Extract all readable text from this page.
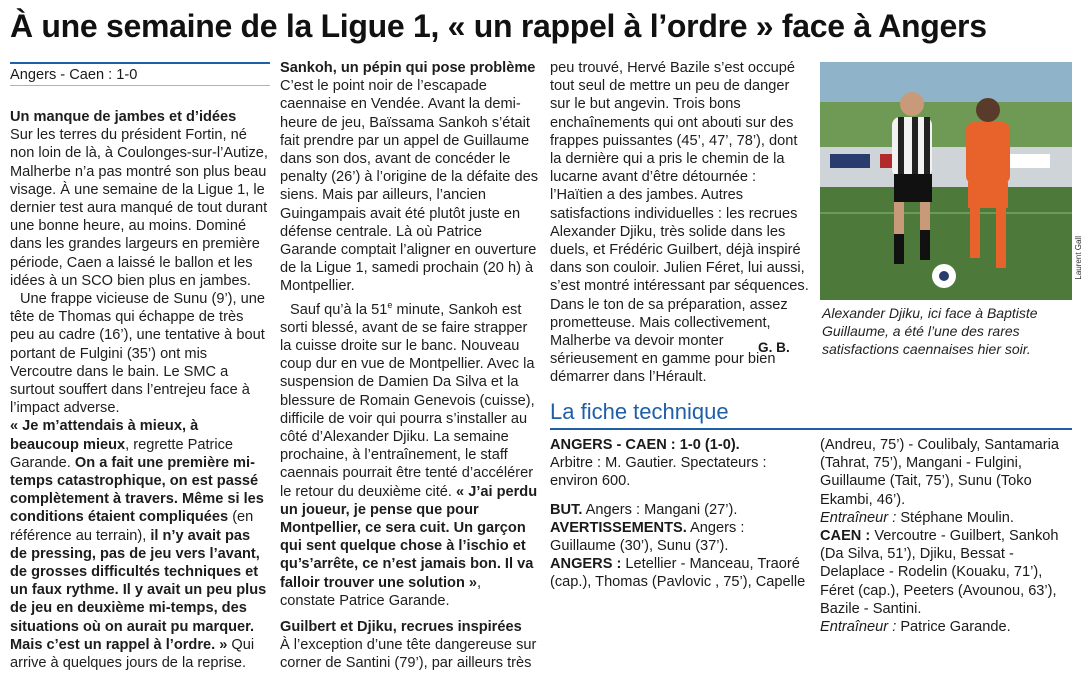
À une semaine de la Ligue 1, « un rappel à l’ordre » face à Angers
Angers - Caen : 1-0

Un manque de jambes et d’idées

Sur les terres du président Fortin, né non loin de là, à Coulonges-sur-l’Autize, Malherbe n’a pas montré son plus beau visage. À une semaine de la Ligue 1, le dernier test aura manqué de tout durant une bonne heure, au moins. Dominé dans les grandes largeurs en première période, Caen a laissé le ballon et les idées à un SCO bien plus en jambes.

Une frappe vicieuse de Sunu (9’), une tête de Thomas qui échappe de très peu au cadre (16’), une tentative à bout portant de Fulgini (35’) ont mis Vercoutre dans le bain. Le SMC a surtout souffert dans l’entrejeu face à l’impact adverse.

« Je m’attendais à mieux, à beaucoup mieux, regrette Patrice Garande. On a fait une première mi-temps catastrophique, on est passé complètement à travers. Même si les conditions étaient compliquées (en référence au terrain), il n’y avait pas de pressing, pas de jeu vers l’avant, de grosses difficultés techniques et un faux rythme. Il y avait un peu plus de jeu en deuxième mi-temps, des situations où on aurait pu marquer. Mais c’est un rappel à l’ordre. » Qui arrive à quelques jours de la reprise.

Sankoh, un pépin qui pose problème

C’est le point noir de l’escapade caennaise en Vendée. Avant la demi-heure de jeu, Baïssama Sankoh s’était fait prendre par un appel de Guillaume dans son dos, avant de concéder le penalty (26’) à l’origine de la défaite des siens. Mais par ailleurs, l’ancien Guingampais avait été plutôt juste en défense centrale. Là où Patrice Garande comptait l’aligner en ouverture de la Ligue 1, samedi prochain (20 h) à Montpellier.

Sauf qu’à la 51e minute, Sankoh est sorti blessé, avant de se faire strapper la cuisse droite sur le banc. Nouveau coup dur en vue de Montpellier. Avec la suspension de Damien Da Silva et la blessure de Romain Genevois (cuisse), difficile de voir qui pourra s’installer au côté d’Alexander Djiku. La semaine prochaine, à l’entraînement, le staff caennais pourrait être tenté d’accélérer le retour du deuxième cité. « J’ai perdu un joueur, je pense que pour Montpellier, ce sera cuit. Un garçon qui sent quelque chose à l’ischio et qu’s’arrête, ce n’est jamais bon. Il va falloir trouver une solution », constate Patrice Garande.

Guilbert et Djiku, recrues inspirées

À l’exception d’une tête dangereuse sur corner de Santini (79’), par ailleurs très

peu trouvé, Hervé Bazile s’est occupé tout seul de mettre un peu de danger sur le but angevin. Trois bons enchaînements qui ont abouti sur des frappes puissantes (45’, 47’, 78’), dont la dernière qui a pris le chemin de la lucarne avant d’être détournée : l’Haïtien a des jambes. Autres satisfactions individuelles : les recrues Alexander Djiku, très solide dans les duels, et Frédéric Guilbert, déjà inspiré dans son couloir. Julien Féret, lui aussi, s’est montré intéressant par séquences. Dans le ton de sa préparation, assez prometteuse. Mais collectivement, Malherbe va devoir monter sérieusement en gamme pour bien démarrer dans l’Hérault.

G. B.
Laurent Gall

Alexander Djiku, ici face à Baptiste Guillaume, a été l’une des rares satisfactions caennaises hier soir.

La fiche technique

ANGERS - CAEN : 1-0 (1-0).

Arbitre : M. Gautier. Spectateurs : environ 600.

BUT. Angers : Mangani (27’).

AVERTISSEMENTS. Angers : Guillaume (30’), Sunu (37’).

ANGERS : Letellier - Manceau, Traoré (cap.), Thomas (Pavlovic , 75’), Capelle

(Andreu, 75’) - Coulibaly, Santamaria (Tahrat, 75’), Mangani - Fulgini, Guillaume (Tait, 75’), Sunu (Toko Ekambi, 46’).

Entraîneur : Stéphane Moulin.

CAEN : Vercoutre - Guilbert, Sankoh (Da Silva, 51’), Djiku, Bessat - Delaplace - Rodelin (Kouaku, 71’), Féret (cap.), Peeters (Avounou, 63’), Bazile - Santini.

Entraîneur : Patrice Garande.
